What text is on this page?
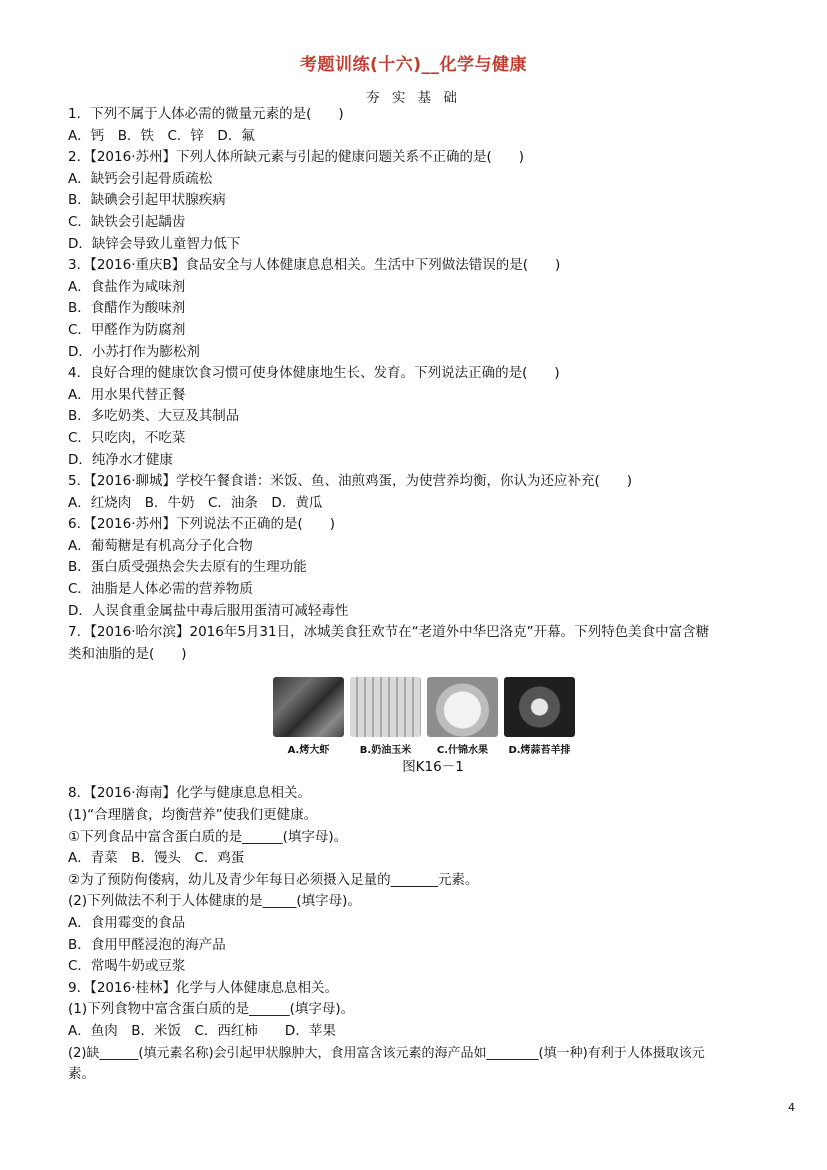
考题训练(十六)__化学与健康
夯 实 基 础
1．下列不属于人体必需的微量元素的是(　　)
A．钙　B．铁　C．锌　D．氟
2．【2016·苏州】下列人体所缺元素与引起的健康问题关系不正确的是(　　)
A．缺钙会引起骨质疏松
B．缺碘会引起甲状腺疾病
C．缺铁会引起龋齿
D．缺锌会导致儿童智力低下
3．【2016·重庆B】食品安全与人体健康息息相关。生活中下列做法错误的是(　　)
A．食盐作为咸味剂
B．食醋作为酸味剂
C．甲醛作为防腐剂
D．小苏打作为膨松剂
4．良好合理的健康饮食习惯可使身体健康地生长、发育。下列说法正确的是(　　)
A．用水果代替正餐
B．多吃奶类、大豆及其制品
C．只吃肉，不吃菜
D．纯净水才健康
5．【2016·聊城】学校午餐食谱：米饭、鱼、油煎鸡蛋，为使营养均衡，你认为还应补充(　　)
A．红烧肉　B．牛奶　C．油条　D．黄瓜
6．【2016·苏州】下列说法不正确的是(　　)
A．葡萄糖是有机高分子化合物
B．蛋白质受强热会失去原有的生理功能
C．油脂是人体必需的营养物质
D．人误食重金属盐中毒后服用蛋清可减轻毒性
7．【2016·哈尔滨】2016年5月31日，冰城美食狂欢节在“老道外中华巴洛克”开幕。下列特色美食中富含糖
类和油脂的是(　　)
A.烤大虾	B.奶油玉米	C.什锦水果	D.烤蒜苔羊排
图K16－1
8．【2016·海南】化学与健康息息相关。
(1)“合理膳食，均衡营养”使我们更健康。
①下列食品中富含蛋白质的是______(填字母)。
A．青菜　B．馒头　C．鸡蛋
②为了预防佝偻病，幼儿及青少年每日必须摄入足量的_______元素。
(2)下列做法不利于人体健康的是_____(填字母)。
A．食用霉变的食品
B．食用甲醛浸泡的海产品
C．常喝牛奶或豆浆
9．【2016·桂林】化学与人体健康息息相关。
(1)下列食物中富含蛋白质的是______(填字母)。
A．鱼肉　B．米饭　C．西红柿　　D．苹果
(2)缺______(填元素名称)会引起甲状腺肿大，食用富含该元素的海产品如________(填一种)有利于人体摄取该元
素。
4
